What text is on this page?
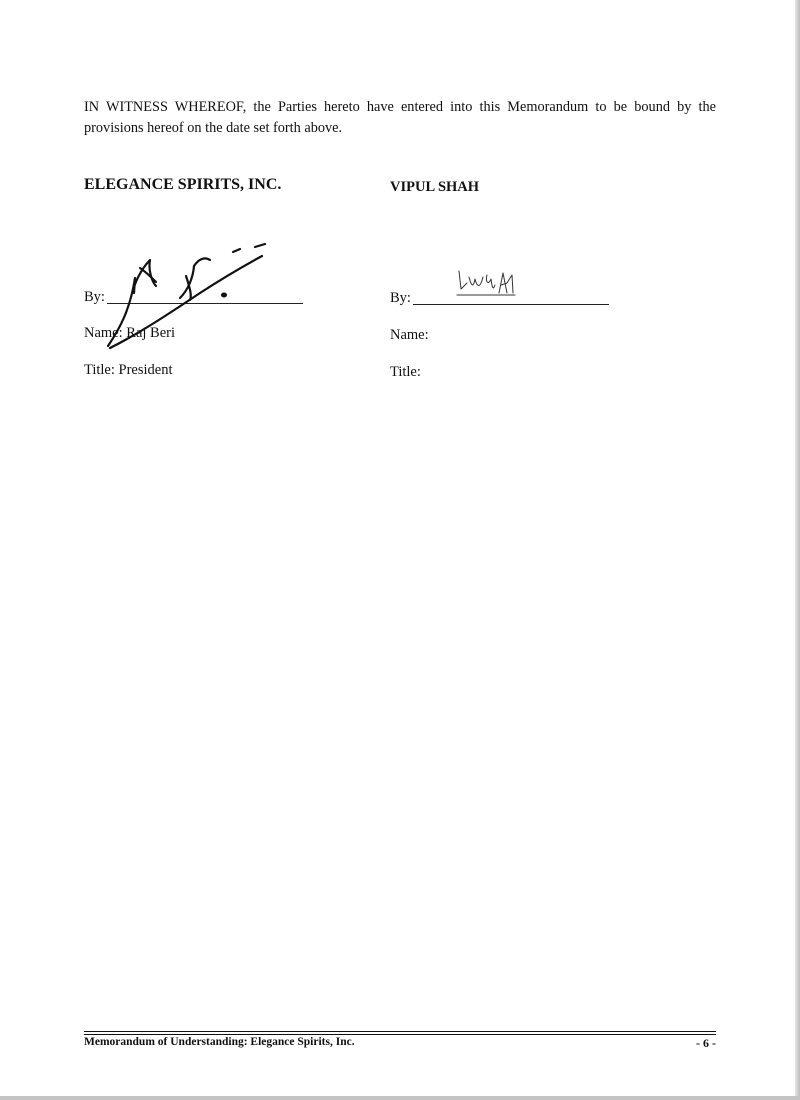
IN WITNESS WHEREOF, the Parties hereto have entered into this Memorandum to be bound by the
provisions hereof on the date set forth above.
ELEGANCE SPIRITS, INC.	VIPUL SHAH
By:
Name: Raj Beri
Title: President
By:
Name:
Title:
Memorandum of Understanding: Elegance Spirits, Inc.	- 6 -
